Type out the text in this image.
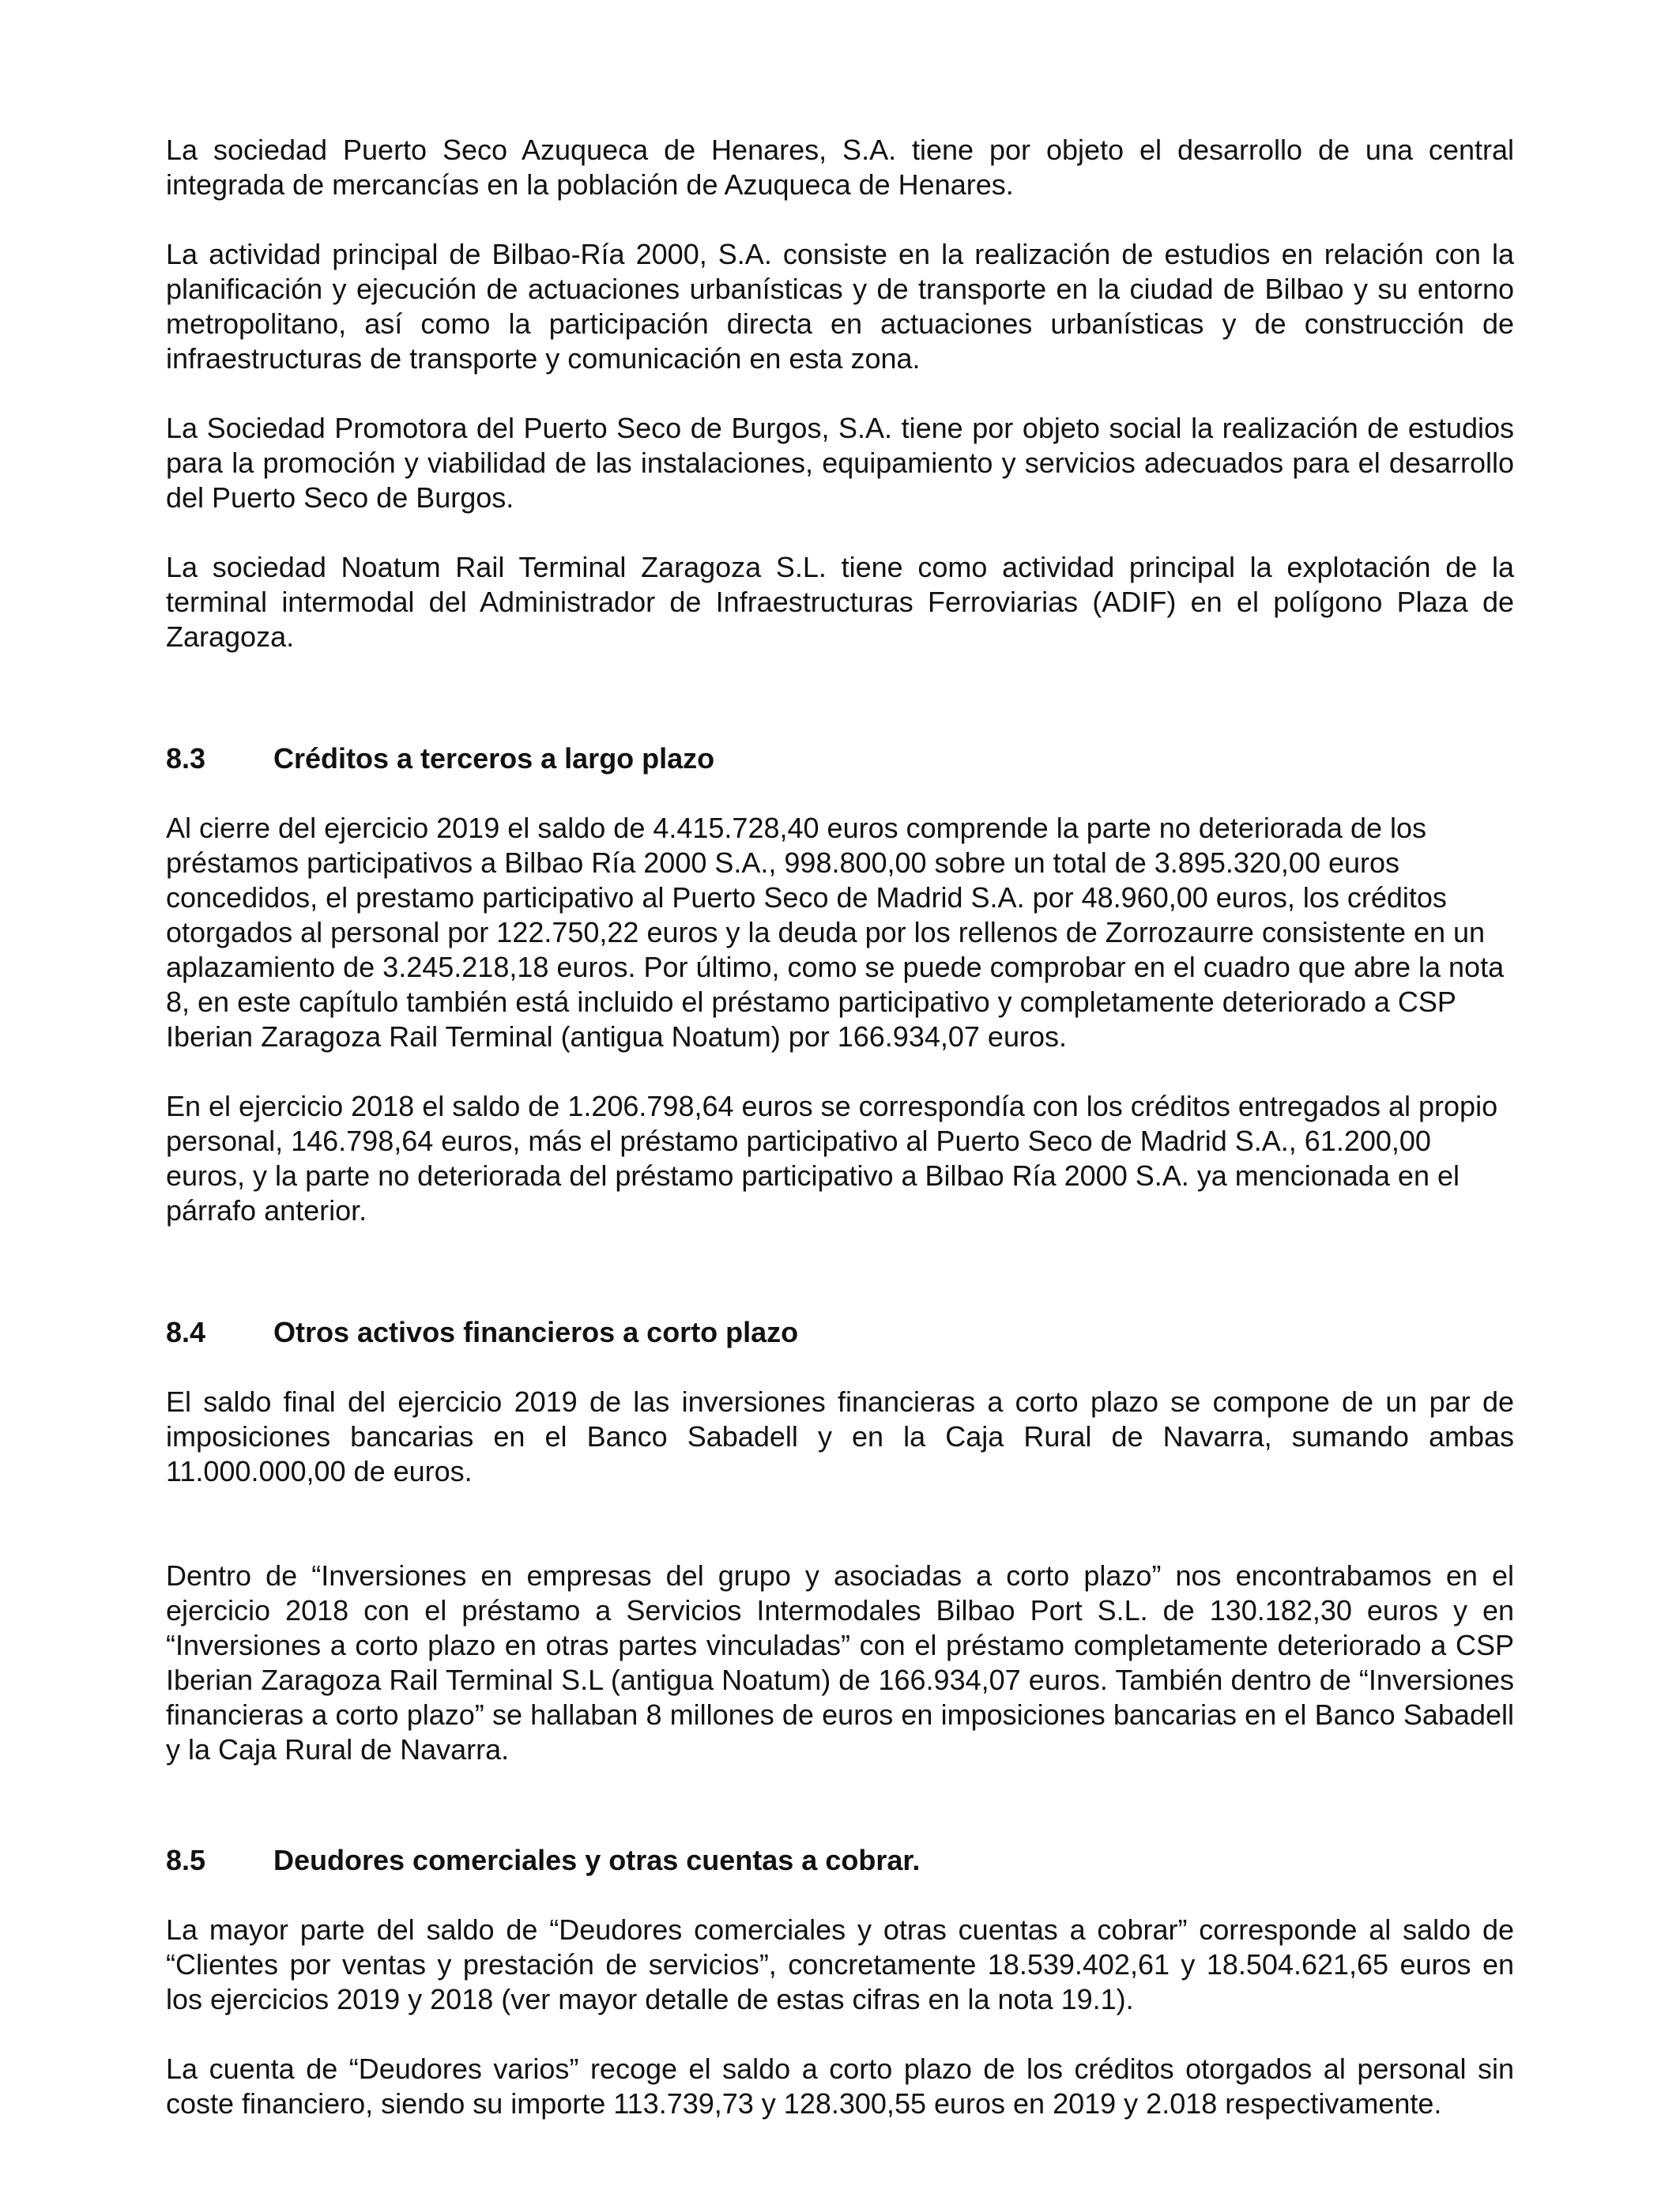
La sociedad Puerto Seco Azuqueca de Henares, S.A. tiene por objeto el desarrollo de una central integrada de mercancías en la población de Azuqueca de Henares.

La actividad principal de Bilbao-Ría 2000, S.A. consiste en la realización de estudios en relación con la planificación y ejecución de actuaciones urbanísticas y de transporte en la ciudad de Bilbao y su entorno metropolitano, así como la participación directa en actuaciones urbanísticas y de construcción de infraestructuras de transporte y comunicación en esta zona.

La Sociedad Promotora del Puerto Seco de Burgos, S.A. tiene por objeto social la realización de estudios para la promoción y viabilidad de las instalaciones, equipamiento y servicios adecuados para el desarrollo del Puerto Seco de Burgos.

La sociedad Noatum Rail Terminal Zaragoza S.L. tiene como actividad principal la explotación de la terminal intermodal del Administrador de Infraestructuras Ferroviarias (ADIF) en el polígono Plaza de Zaragoza.

8.3	Créditos a terceros a largo plazo

Al cierre del ejercicio 2019 el saldo de 4.415.728,40 euros comprende la parte no deteriorada de los préstamos participativos a Bilbao Ría 2000 S.A., 998.800,00 sobre un total de 3.895.320,00 euros concedidos, el prestamo participativo al Puerto Seco de Madrid S.A. por 48.960,00 euros, los créditos otorgados al personal por 122.750,22 euros y la deuda por los rellenos de Zorrozaurre consistente en un aplazamiento de 3.245.218,18 euros. Por último, como se puede comprobar en el cuadro que abre la nota 8, en este capítulo también está incluido el préstamo participativo y completamente deteriorado a CSP Iberian Zaragoza Rail Terminal (antigua Noatum) por 166.934,07 euros.

En el ejercicio 2018 el saldo de 1.206.798,64 euros se correspondía con los créditos entregados al propio personal, 146.798,64 euros, más el préstamo participativo al Puerto Seco de Madrid S.A., 61.200,00 euros, y la parte no deteriorada del préstamo participativo a Bilbao Ría 2000 S.A. ya mencionada en el párrafo anterior.

8.4	Otros activos financieros a corto plazo

El saldo final del ejercicio 2019 de las inversiones financieras a corto plazo se compone de un par de imposiciones bancarias en el Banco Sabadell y en la Caja Rural de Navarra, sumando ambas 11.000.000,00 de euros.

Dentro de “Inversiones en empresas del grupo y asociadas a corto plazo” nos encontrabamos en el ejercicio 2018 con el préstamo a Servicios Intermodales Bilbao Port S.L. de 130.182,30 euros y en “Inversiones a corto plazo en otras partes vinculadas” con el préstamo completamente deteriorado a CSP Iberian Zaragoza Rail Terminal S.L (antigua Noatum) de 166.934,07 euros. También dentro de “Inversiones financieras a corto plazo” se hallaban 8 millones de euros en imposiciones bancarias en el Banco Sabadell y la Caja Rural de Navarra.

8.5	Deudores comerciales y otras cuentas a cobrar.

La mayor parte del saldo de “Deudores comerciales y otras cuentas a cobrar” corresponde al saldo de “Clientes por ventas y prestación de servicios”, concretamente 18.539.402,61 y 18.504.621,65 euros en los ejercicios 2019 y 2018 (ver mayor detalle de estas cifras en la nota 19.1).

La cuenta de “Deudores varios” recoge el saldo a corto plazo de los créditos otorgados al personal sin coste financiero, siendo su importe 113.739,73 y 128.300,55 euros en 2019 y 2.018 respectivamente.
